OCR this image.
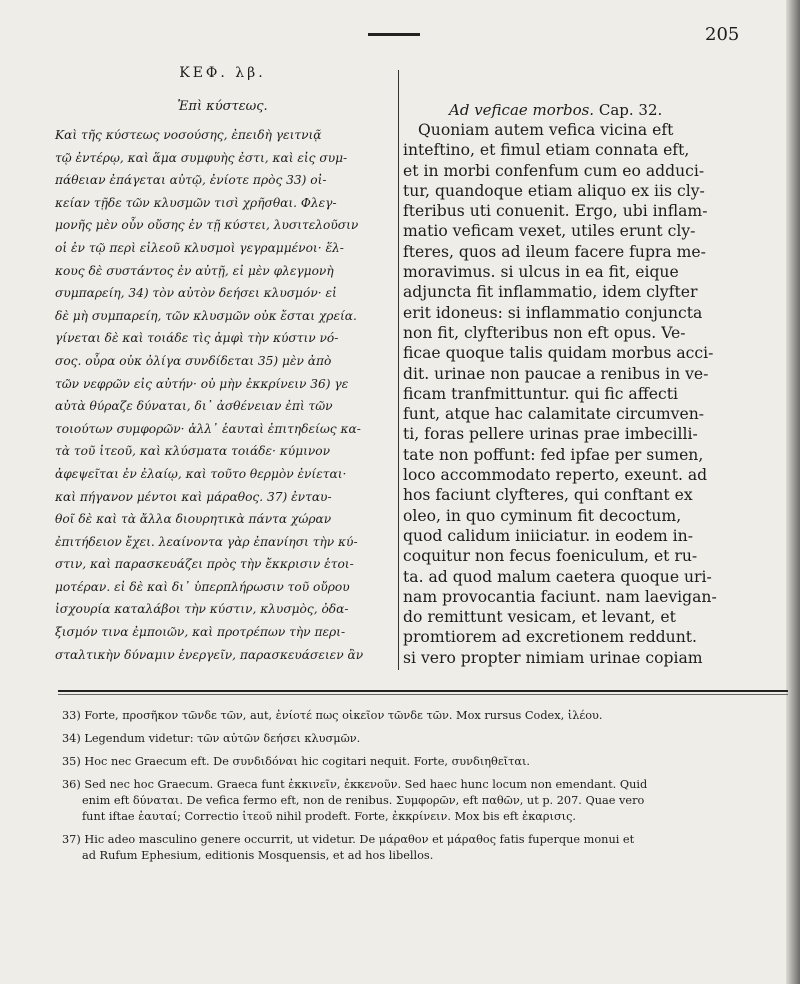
205
ΚΕΦ. λβ.
Ἐπὶ κύστεως.
Καὶ τῆς κύστεως νοσούσης, ἐπειδὴ γειτνιᾷ
τῷ ἐντέρῳ, καὶ ἅμα συμφυὴς ἐστι, καὶ εἰς συμ-
πάθειαν ἐπάγεται αὐτῷ, ἐνίοτε πρὸς 33) οἰ-
κείαν τῇδε τῶν κλυσμῶν τισὶ χρῆσθαι. Φλεγ-
μονῆς μὲν οὖν οὔσης ἐν τῇ κύστει, λυσιτελοῦσιν
οἱ ἐν τῷ περὶ εἰλεοῦ κλυσμοὶ γεγραμμένοι· ἕλ-
κους δὲ συστάντος ἐν αὐτῇ, εἰ μὲν φλεγμονὴ
συμπαρείη, 34) τὸν αὐτὸν δεήσει κλυσμόν· εἰ
δὲ μὴ συμπαρείη, τῶν κλυσμῶν οὐκ ἔσται χρεία.
γίνεται δὲ καὶ τοιάδε τὶς ἀμφὶ τὴν κύστιν νό-
σος. οὖρα οὐκ ὀλίγα συνδίδεται 35) μὲν ἀπὸ
τῶν νεφρῶν εἰς αὐτήν· οὐ μὴν ἐκκρίνειν 36) γε
αὐτὰ θύραζε δύναται, δι᾽ ἀσθένειαν ἐπὶ τῶν
τοιούτων συμφορῶν· ἀλλ᾽ ἑαυταὶ ἐπιτηδείως κα-
τὰ τοῦ ἰτεοῦ, καὶ κλύσματα τοιάδε· κύμινον
ἀφεψεῖται ἐν ἐλαίῳ, καὶ τοῦτο θερμὸν ἐνίεται·
καὶ πήγανον μέντοι καὶ μάραθος. 37) ἐνταυ-
θοῖ δὲ καὶ τὰ ἄλλα διουρητικὰ πάντα χώραν
ἐπιτήδειον ἔχει. λεαίνοντα γὰρ ἐπανίησι τὴν κύ-
στιν, καὶ παρασκευάζει πρὸς τὴν ἔκκρισιν ἑτοι-
μοτέραν. εἰ δὲ καὶ δι᾽ ὑπερπλήρωσιν τοῦ οὔρου
ἰσχουρία καταλάβοι τὴν κύστιν, κλυσμὸς, ὀδα-
ξισμόν τινα ἐμποιῶν, καὶ προτρέπων τὴν περι-
σταλτικὴν δύναμιν ἐνεργεῖν, παρασκευάσειεν ἂν
Ad veficae morbos. Cap. 32.
Quoniam autem vefica vicina eft
inteftino, et fimul etiam connata eft,
et in morbi confenfum cum eo adduci-
tur, quandoque etiam aliquo ex iis cly-
fteribus uti conuenit. Ergo, ubi inflam-
matio veficam vexet, utiles erunt cly-
fteres, quos ad ileum facere fupra me-
moravimus. si ulcus in ea fit, eique
adjuncta fit inflammatio, idem clyfter
erit idoneus: si inflammatio conjuncta
non fit, clyfteribus non eft opus. Ve-
ficae quoque talis quidam morbus acci-
dit. urinae non paucae a renibus in ve-
ficam tranfmittuntur. qui fic affecti
funt, atque hac calamitate circumven-
ti, foras pellere urinas prae imbecilli-
tate non poffunt: fed ipfae per sumen,
loco accommodato reperto, exeunt. ad
hos faciunt clyfteres, qui conftant ex
oleo, in quo cyminum fit decoctum,
quod calidum iniiciatur. in eodem in-
coquitur non fecus foeniculum, et ru-
ta. ad quod malum caetera quoque uri-
nam provocantia faciunt. nam laevigan-
do remittunt vesicam, et levant, et
promtiorem ad excretionem reddunt.
si vero propter nimiam urinae copiam
33) Forte, προσῆκον τῶνδε τῶν, aut, ἐνίοτέ πως οἰκεῖον τῶνδε τῶν. Mox rursus Codex, ἰλέου.
34) Legendum videtur: τῶν αὐτῶν δεήσει κλυσμῶν.
35) Hoc nec Graecum eft. De συνδιδόναι hic cogitari nequit. Forte, συνδιηθεῖται.
36) Sed nec hoc Graecum. Graeca funt ἐκκινεῖν, ἐκκενοῦν. Sed haec hunc locum non emendant. Quid
enim eft δύναται. De vefica fermo eft, non de renibus. Συμφορῶν, eft παθῶν, ut p. 207. Quae vero
funt iftae ἑαυταί; Correctio ἰτεοῦ nihil prodeft. Forte, ἐκκρίνειν. Mox bis eft ἐκαρισις.
37) Hic adeo masculino genere occurrit, ut videtur. De μάραθον et μάραθος fatis fuperque monui et
ad Rufum Ephesium, editionis Mosquensis, et ad hos libellos.
